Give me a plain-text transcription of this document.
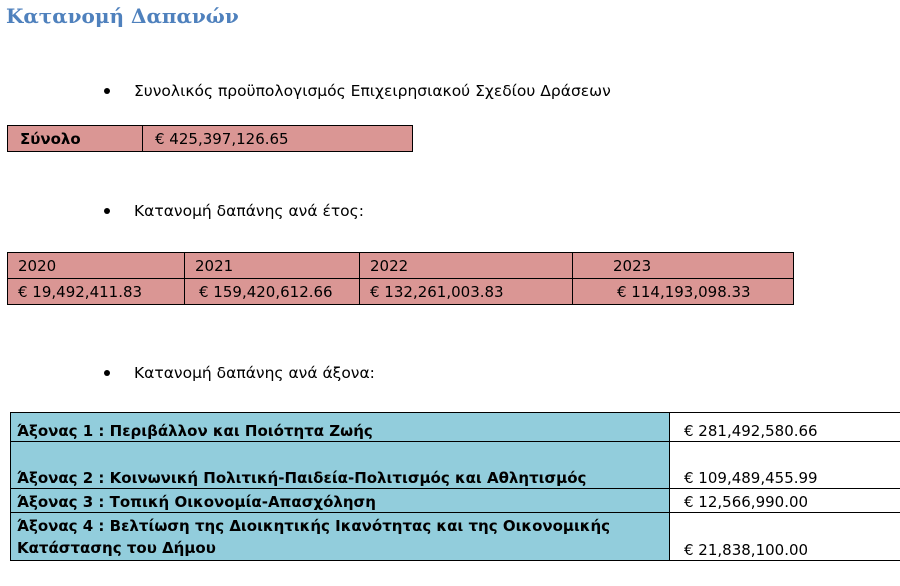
Κατανομή Δαπανών
Συνολικός προϋπολογισμός Επιχειρησιακού Σχεδίου Δράσεων
Σύνολο	€ 425,397,126.65
Κατανομή δαπάνης ανά έτος:
2020	2021	2022	2023
€ 19,492,411.83	€ 159,420,612.66	€ 132,261,003.83	€ 114,193,098.33
Κατανομή δαπάνης ανά άξονα:
Άξονας 1 : Περιβάλλον και Ποιότητα Ζωής	€ 281,492,580.66
Άξονας 2 : Κοινωνική Πολιτική-Παιδεία-Πολιτισμός και Αθλητισμός	€ 109,489,455.99
Άξονας 3 : Τοπική Οικονομία-Απασχόληση	€ 12,566,990.00

Άξονας 4 : Βελτίωση της Διοικητικής Ικανότητας και της Οικονομικής
Κατάστασης του Δήμου	€ 21,838,100.00
